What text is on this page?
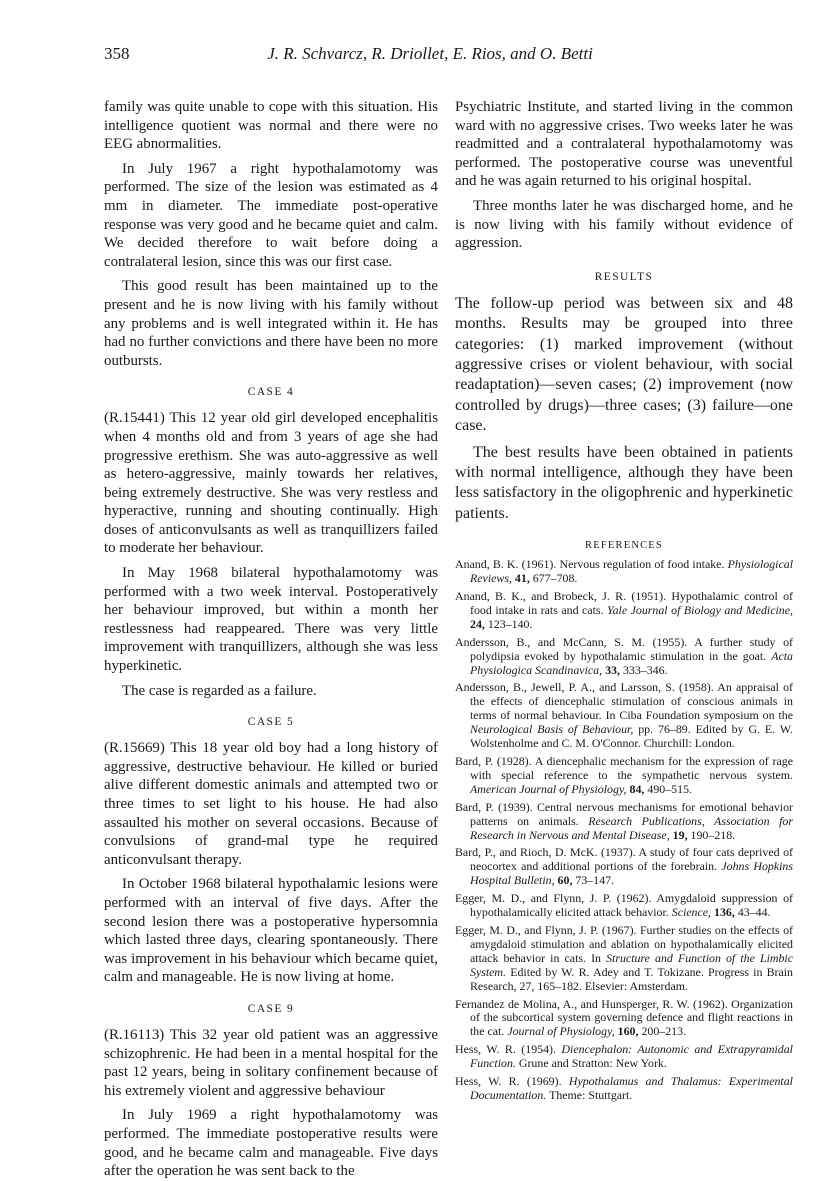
358	J. R. Schvarcz, R. Driollet, E. Rios, and O. Betti

family was quite unable to cope with this situation. His intelligence quotient was normal and there were no EEG abnormalities.

In July 1967 a right hypothalamotomy was performed. The size of the lesion was estimated as 4 mm in diameter. The immediate post-operative response was very good and he became quiet and calm. We decided therefore to wait before doing a contralateral lesion, since this was our first case.

This good result has been maintained up to the present and he is now living with his family without any problems and is well integrated within it. He has had no further convictions and there have been no more outbursts.

CASE 4

(R.15441) This 12 year old girl developed encephalitis when 4 months old and from 3 years of age she had progressive erethism. She was auto-aggressive as well as hetero-aggressive, mainly towards her relatives, being extremely destructive. She was very restless and hyperactive, running and shouting continually. High doses of anticonvulsants as well as tranquillizers failed to moderate her behaviour.

In May 1968 bilateral hypothalamotomy was performed with a two week interval. Postoperatively her behaviour improved, but within a month her restlessness had reappeared. There was very little improvement with tranquillizers, although she was less hyperkinetic.

The case is regarded as a failure.

CASE 5

(R.15669) This 18 year old boy had a long history of aggressive, destructive behaviour. He killed or buried alive different domestic animals and attempted two or three times to set light to his house. He had also assaulted his mother on several occasions. Because of convulsions of grand-mal type he required anticonvulsant therapy.

In October 1968 bilateral hypothalamic lesions were performed with an interval of five days. After the second lesion there was a postoperative hypersomnia which lasted three days, clearing spontaneously. There was improvement in his behaviour which became quiet, calm and manageable. He is now living at home.

CASE 9

(R.16113) This 32 year old patient was an aggressive schizophrenic. He had been in a mental hospital for the past 12 years, being in solitary confinement because of his extremely violent and aggressive behaviour

In July 1969 a right hypothalamotomy was performed. The immediate postoperative results were good, and he became calm and manageable. Five days after the operation he was sent back to the

Psychiatric Institute, and started living in the common ward with no aggressive crises. Two weeks later he was readmitted and a contralateral hypothalamotomy was performed. The postoperative course was uneventful and he was again returned to his original hospital.

Three months later he was discharged home, and he is now living with his family without evidence of aggression.

RESULTS

The follow-up period was between six and 48 months. Results may be grouped into three categories: (1) marked improvement (without aggressive crises or violent behaviour, with social readaptation)—seven cases; (2) improvement (now controlled by drugs)—three cases; (3) failure—one case.

The best results have been obtained in patients with normal intelligence, although they have been less satisfactory in the oligophrenic and hyperkinetic patients.

REFERENCES
Anand, B. K. (1961). Nervous regulation of food intake. Physiological Reviews, 41, 677–708.
Anand, B. K., and Brobeck, J. R. (1951). Hypothalamic control of food intake in rats and cats. Yale Journal of Biology and Medicine, 24, 123–140.
Andersson, B., and McCann, S. M. (1955). A further study of polydipsia evoked by hypothalamic stimulation in the goat. Acta Physiologica Scandinavica, 33, 333–346.
Andersson, B., Jewell, P. A., and Larsson, S. (1958). An appraisal of the effects of diencephalic stimulation of conscious animals in terms of normal behaviour. In Ciba Foundation symposium on the Neurological Basis of Behaviour, pp. 76–89. Edited by G. E. W. Wolstenholme and C. M. O'Connor. Churchill: London.
Bard, P. (1928). A diencephalic mechanism for the expression of rage with special reference to the sympathetic nervous system. American Journal of Physiology, 84, 490–515.
Bard, P. (1939). Central nervous mechanisms for emotional behavior patterns on animals. Research Publications, Association for Research in Nervous and Mental Disease, 19, 190–218.
Bard, P., and Rioch, D. McK. (1937). A study of four cats deprived of neocortex and additional portions of the forebrain. Johns Hopkins Hospital Bulletin, 60, 73–147.
Egger, M. D., and Flynn, J. P. (1962). Amygdaloid suppression of hypothalamically elicited attack behavior. Science, 136, 43–44.
Egger, M. D., and Flynn, J. P. (1967). Further studies on the effects of amygdaloid stimulation and ablation on hypothalamically elicited attack behavior in cats. In Structure and Function of the Limbic System. Edited by W. R. Adey and T. Tokizane. Progress in Brain Research, 27, 165–182. Elsevier: Amsterdam.
Fernandez de Molina, A., and Hunsperger, R. W. (1962). Organization of the subcortical system governing defence and flight reactions in the cat. Journal of Physiology, 160, 200–213.
Hess, W. R. (1954). Diencephalon: Autonomic and Extrapyramidal Function. Grune and Stratton: New York.
Hess, W. R. (1969). Hypothalamus and Thalamus: Experimental Documentation. Theme: Stuttgart.
